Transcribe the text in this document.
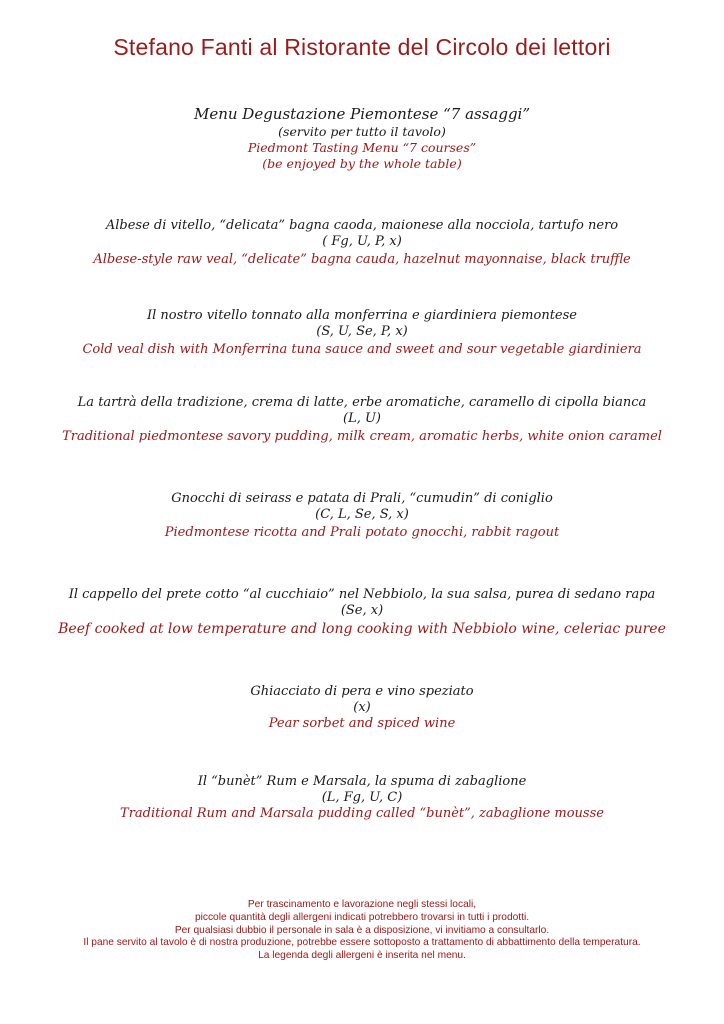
Stefano Fanti al Ristorante del Circolo dei lettori

Menu Degustazione Piemontese “7 assaggi”

(servito per tutto il tavolo)

Piedmont Tasting Menu “7 courses”

(be enjoyed by the whole table)

Albese di vitello, “delicata” bagna caoda, maionese alla nocciola, tartufo nero

( Fg, U, P, x)

Albese-style raw veal, “delicate” bagna cauda, hazelnut mayonnaise, black truffle

Il nostro vitello tonnato alla monferrina e giardiniera piemontese

(S, U, Se, P, x)

Cold veal dish with Monferrina tuna sauce and sweet and sour vegetable giardiniera

La tartrà della tradizione, crema di latte, erbe aromatiche, caramello di cipolla bianca

(L, U)

Traditional piedmontese savory pudding, milk cream, aromatic herbs, white onion caramel

Gnocchi di seirass e patata di Prali, “cumudin” di coniglio

(C, L, Se, S, x)

Piedmontese ricotta and Prali potato gnocchi, rabbit ragout

Il cappello del prete cotto “al cucchiaio” nel Nebbiolo, la sua salsa, purea di sedano rapa

(Se, x)

Beef cooked at low temperature and long cooking with Nebbiolo wine, celeriac puree

Ghiacciato di pera e vino speziato

(x)

Pear sorbet and spiced wine

Il “bunèt” Rum e Marsala, la spuma di zabaglione

(L, Fg, U, C)

Traditional Rum and Marsala pudding called “bunèt”, zabaglione mousse

Per trascinamento e lavorazione negli stessi locali,

piccole quantità degli allergeni indicati potrebbero trovarsi in tutti i prodotti.

Per qualsiasi dubbio il personale in sala è a disposizione, vi invitiamo a consultarlo.

Il pane servito al tavolo è di nostra produzione, potrebbe essere sottoposto a trattamento di abbattimento della temperatura.

La legenda degli allergeni è inserita nel menu.
